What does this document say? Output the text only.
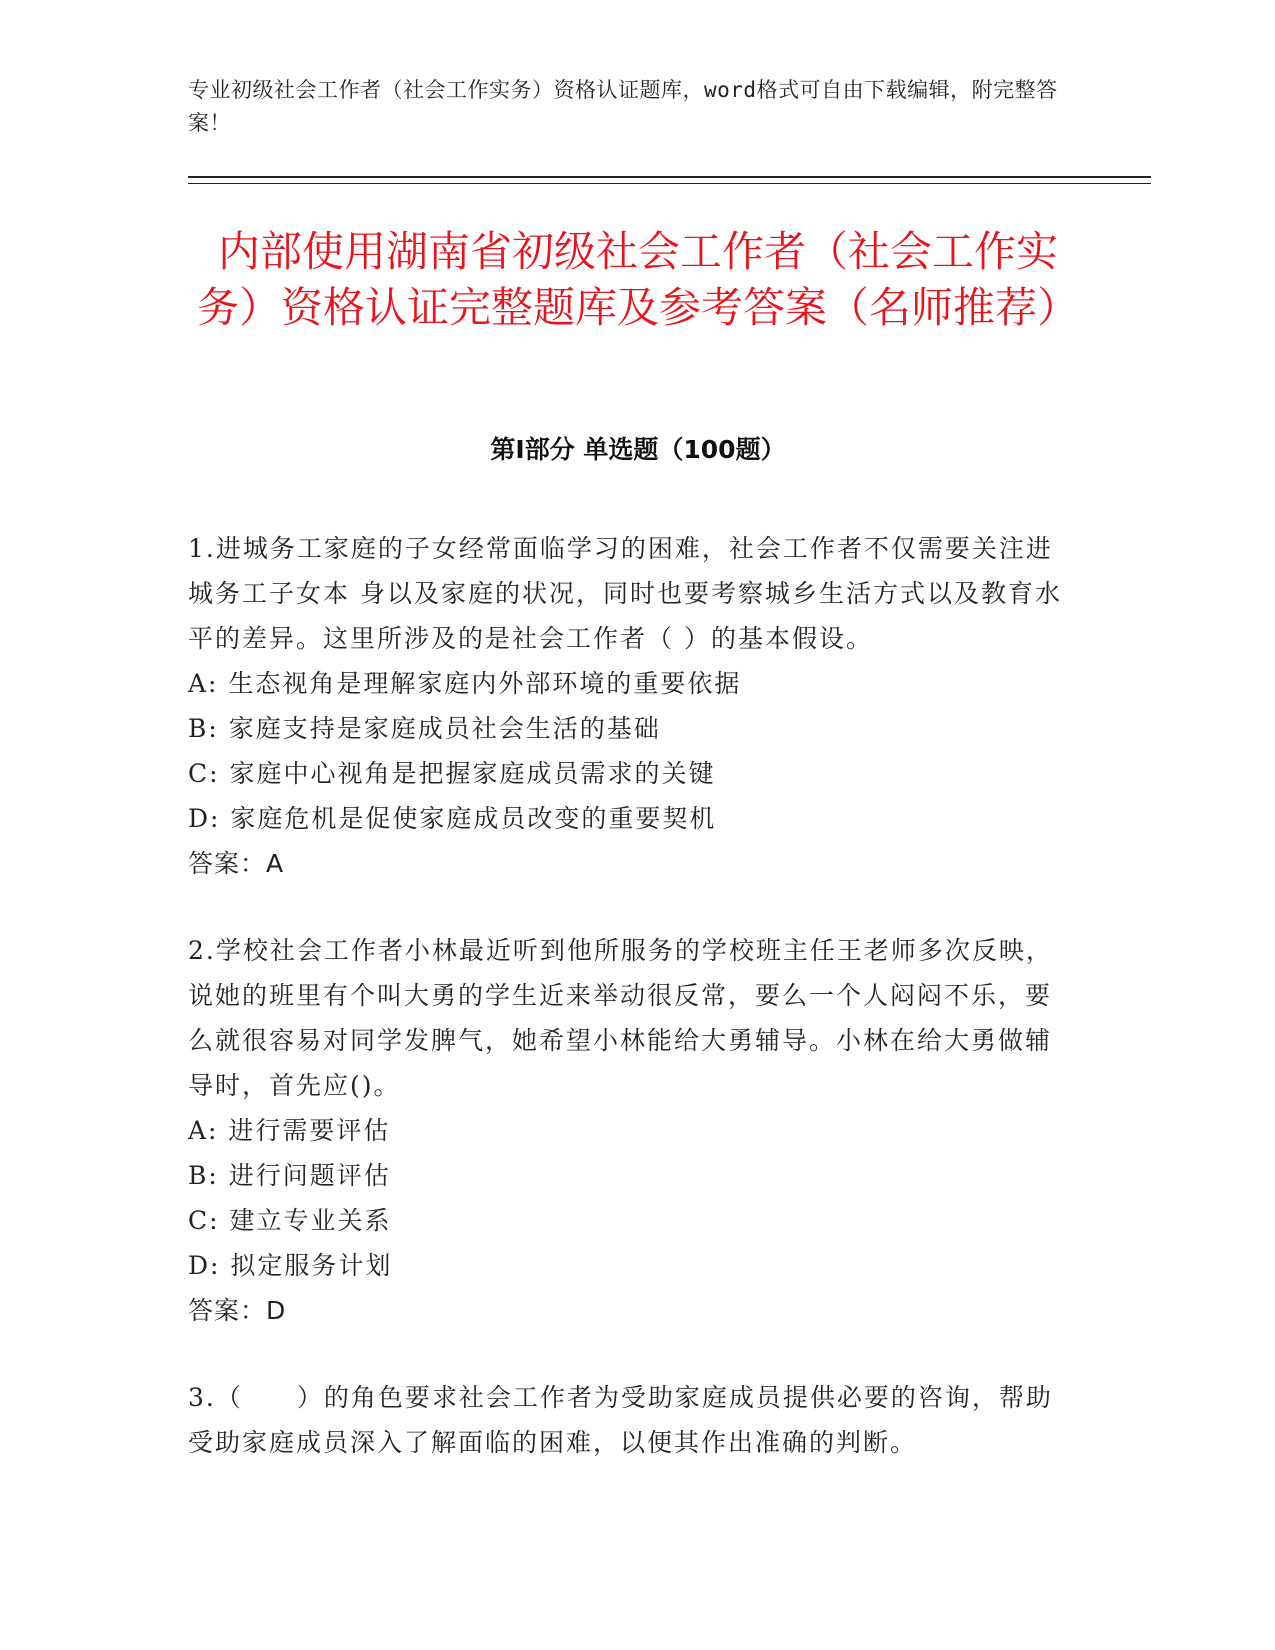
专业初级社会工作者（社会工作实务）资格认证题库，word格式可自由下载编辑，附完整答案！
内部使用湖南省初级社会工作者（社会工作实务）资格认证完整题库及参考答案（名师推荐）
第Ⅰ部分 单选题（100题）
1.进城务工家庭的子女经常面临学习的困难，社会工作者不仅需要关注进城务工子女本 身以及家庭的状况，同时也要考察城乡生活方式以及教育水平的差异。这里所涉及的是社会工作者（ ）的基本假设。
A: 生态视角是理解家庭内外部环境的重要依据
B: 家庭支持是家庭成员社会生活的基础
C: 家庭中心视角是把握家庭成员需求的关键
D: 家庭危机是促使家庭成员改变的重要契机
答案：A
2.学校社会工作者小林最近听到他所服务的学校班主任王老师多次反映，说她的班里有个叫大勇的学生近来举动很反常，要么一个人闷闷不乐，要么就很容易对同学发脾气，她希望小林能给大勇辅导。小林在给大勇做辅导时，首先应()。
A: 进行需要评估
B: 进行问题评估
C: 建立专业关系
D: 拟定服务计划
答案：D
3.（　　）的角色要求社会工作者为受助家庭成员提供必要的咨询，帮助受助家庭成员深入了解面临的困难，以便其作出准确的判断。
